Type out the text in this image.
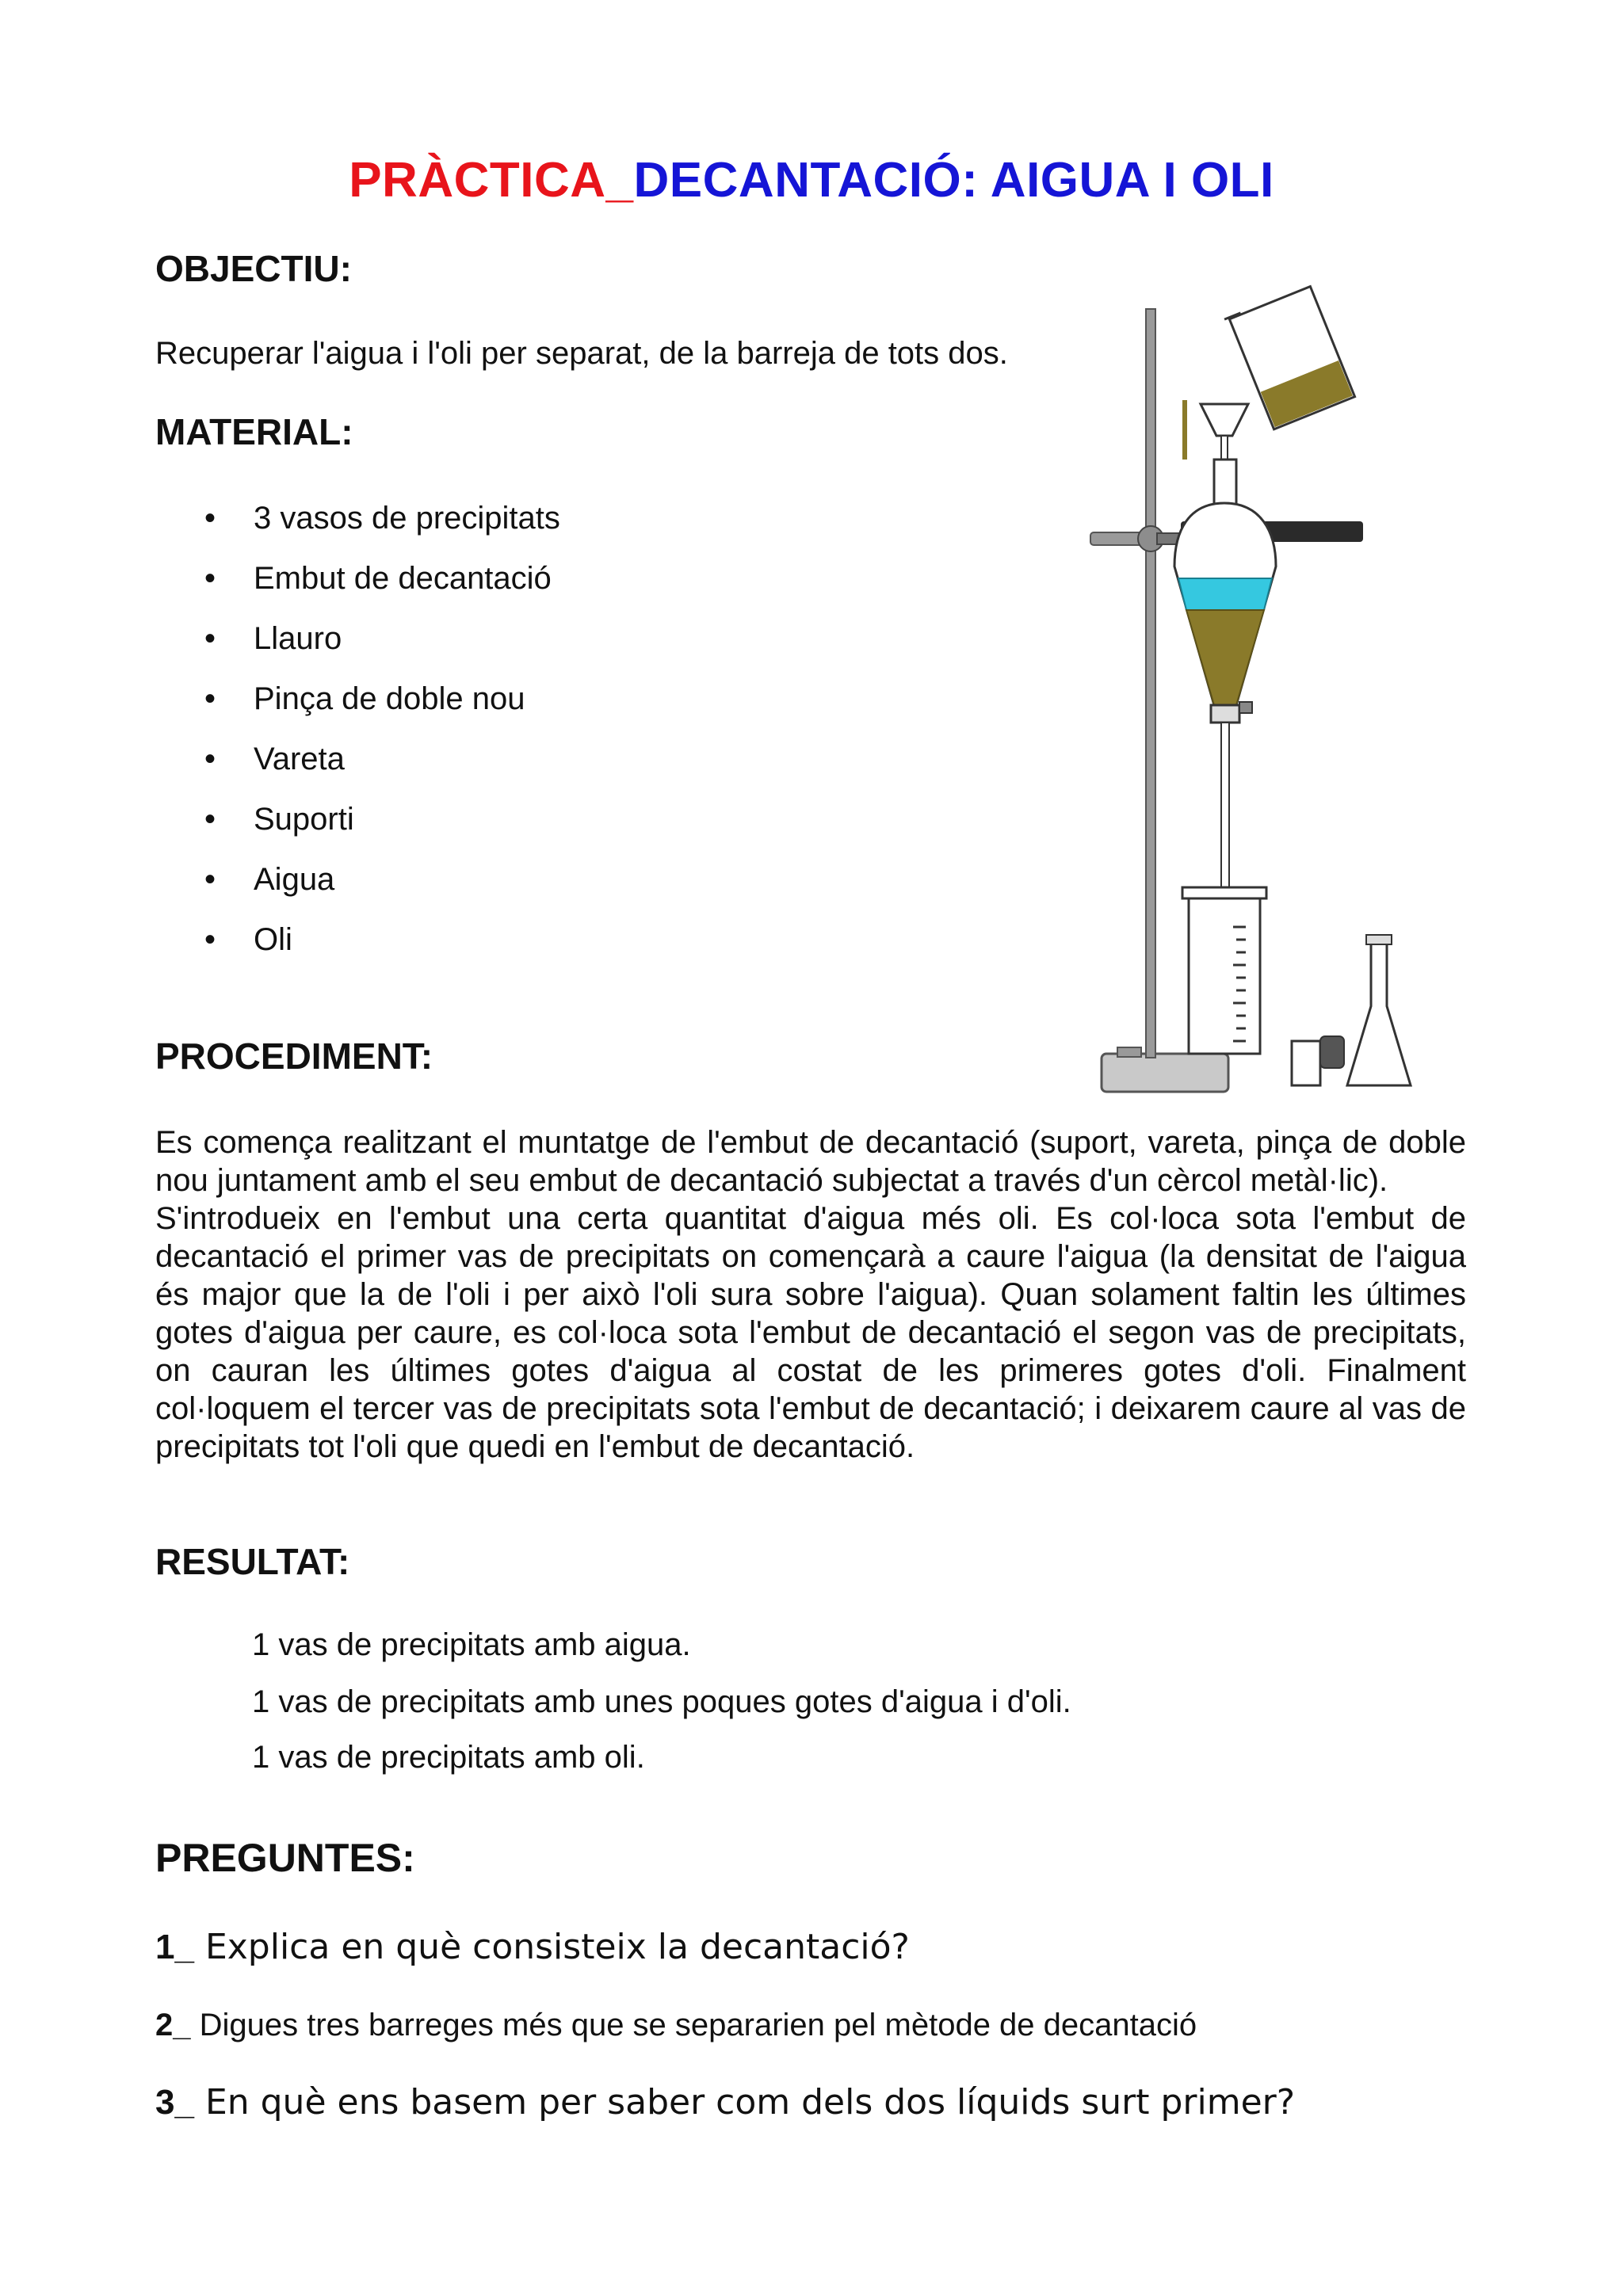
PRÀCTICA_DECANTACIÓ: AIGUA I OLI
OBJECTIU:
Recuperar l'aigua i l'oli per separat, de la barreja de tots dos.
MATERIAL:
• 3 vasos de precipitats
• Embut de decantació
• Llauro
• Pinça de doble nou
• Vareta
• Suporti
• Aigua
• Oli
PROCEDIMENT:

Es comença realitzant el muntatge de l'embut de decantació (suport, vareta, pinça de doble nou juntament amb el seu embut de decantació subjectat a través d'un cèrcol metàl·lic).

S'introdueix en l'embut una certa quantitat d'aigua més oli. Es col·loca sota l'embut de decantació el primer vas de precipitats on començarà a caure l'aigua (la densitat de l'aigua és major que la de l'oli i per això l'oli sura sobre l'aigua). Quan solament faltin les últimes gotes d'aigua per caure, es col·loca sota l'embut de decantació el segon vas de precipitats, on cauran les últimes gotes d'aigua al costat de les primeres gotes d'oli. Finalment col·loquem el tercer vas de precipitats sota l'embut de decantació; i deixarem caure al vas de precipitats tot l'oli que quedi en l'embut de decantació.

RESULTAT:
1 vas de precipitats amb aigua.
1 vas de precipitats amb unes poques gotes d'aigua i d'oli.
1 vas de precipitats amb oli.
PREGUNTES:
1_ Explica en què consisteix la decantació?
2_ Digues tres barreges més que se separarien pel mètode de decantació
3_ En què ens basem per saber com dels dos líquids surt primer?
